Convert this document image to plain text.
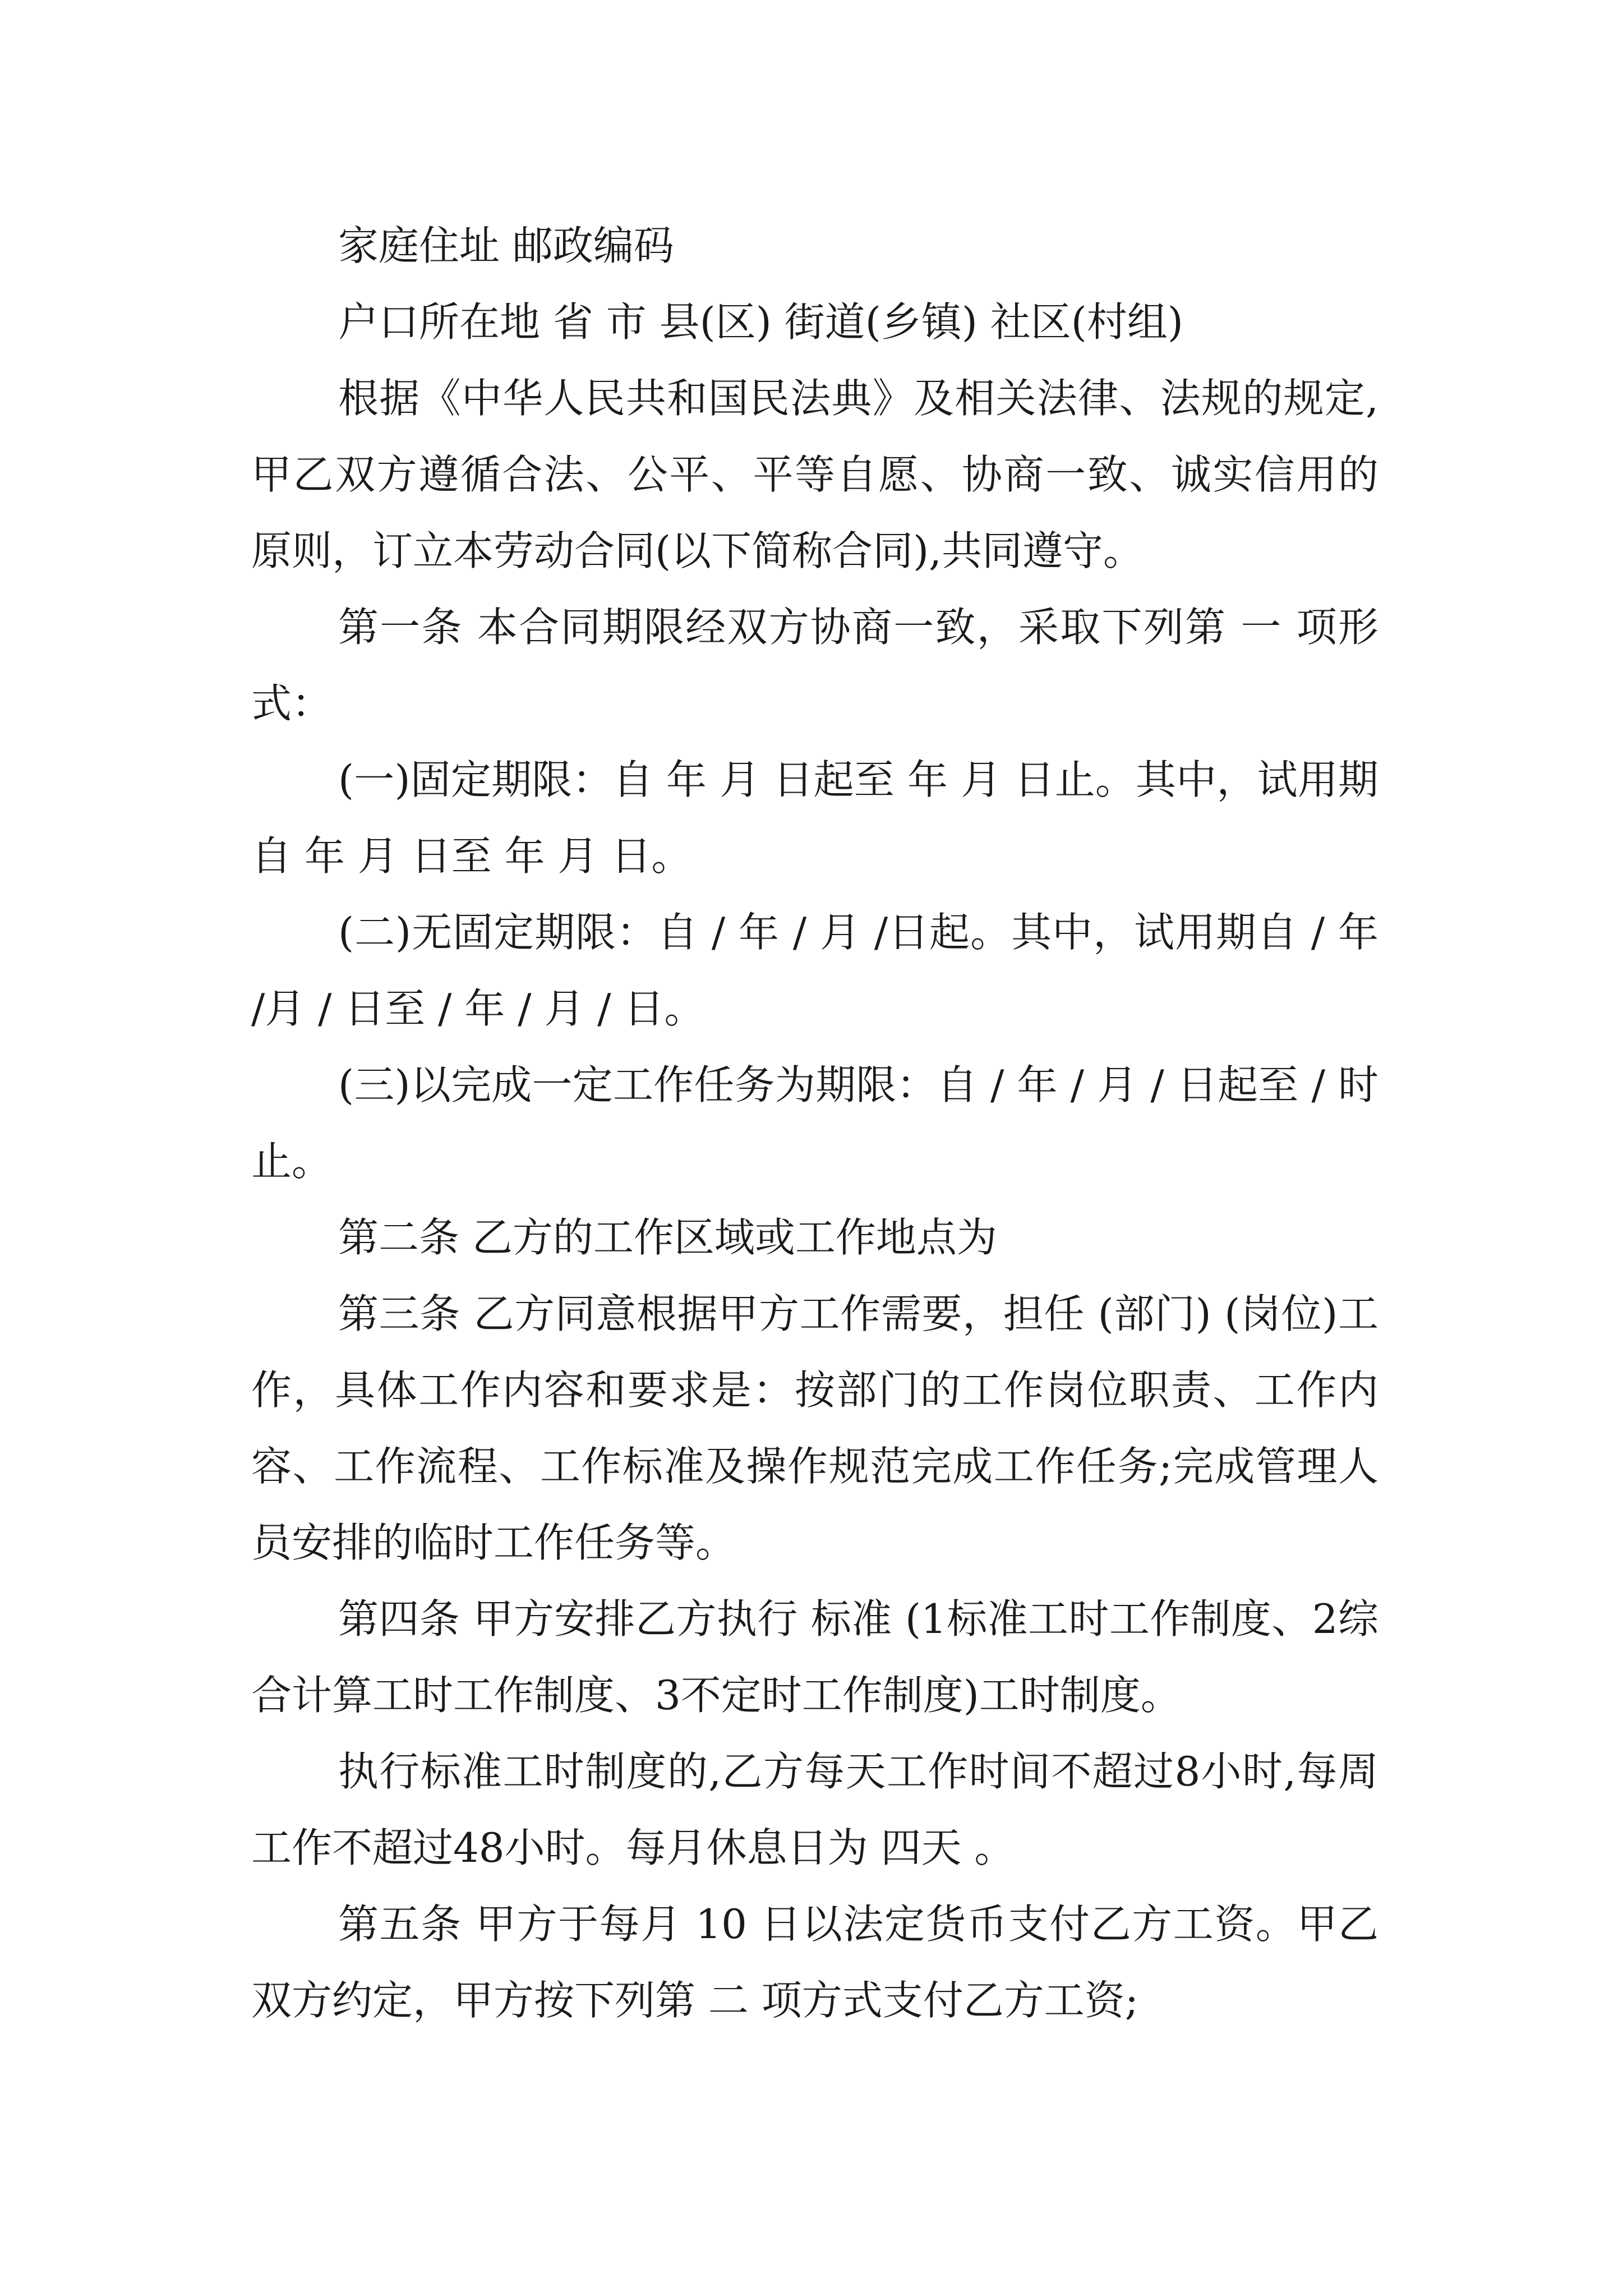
家庭住址 邮政编码

户口所在地 省 市 县(区) 街道(乡镇) 社区(村组)

根据《中华人民共和国民法典》及相关法律、法规的规定,甲乙双方遵循合法、公平、平等自愿、协商一致、诚实信用的原则，订立本劳动合同(以下简称合同),共同遵守。

第一条 本合同期限经双方协商一致，采取下列第 一 项形式：

(一)固定期限：自 年 月 日起至 年 月 日止。其中，试用期自 年 月 日至 年 月 日。

(二)无固定期限：自 / 年 / 月 /日起。其中，试用期自 / 年 /月 / 日至 / 年 / 月 / 日。

(三)以完成一定工作任务为期限：自 / 年 / 月 / 日起至 / 时止。

第二条 乙方的工作区域或工作地点为

第三条 乙方同意根据甲方工作需要，担任 (部门) (岗位)工作，具体工作内容和要求是：按部门的工作岗位职责、工作内容、工作流程、工作标准及操作规范完成工作任务;完成管理人员安排的临时工作任务等。

第四条 甲方安排乙方执行 标准 (1标准工时工作制度、2综合计算工时工作制度、3不定时工作制度)工时制度。

执行标准工时制度的,乙方每天工作时间不超过8小时,每周工作不超过48小时。每月休息日为 四天 。

第五条 甲方于每月 10 日以法定货币支付乙方工资。甲乙双方约定，甲方按下列第 二 项方式支付乙方工资;
